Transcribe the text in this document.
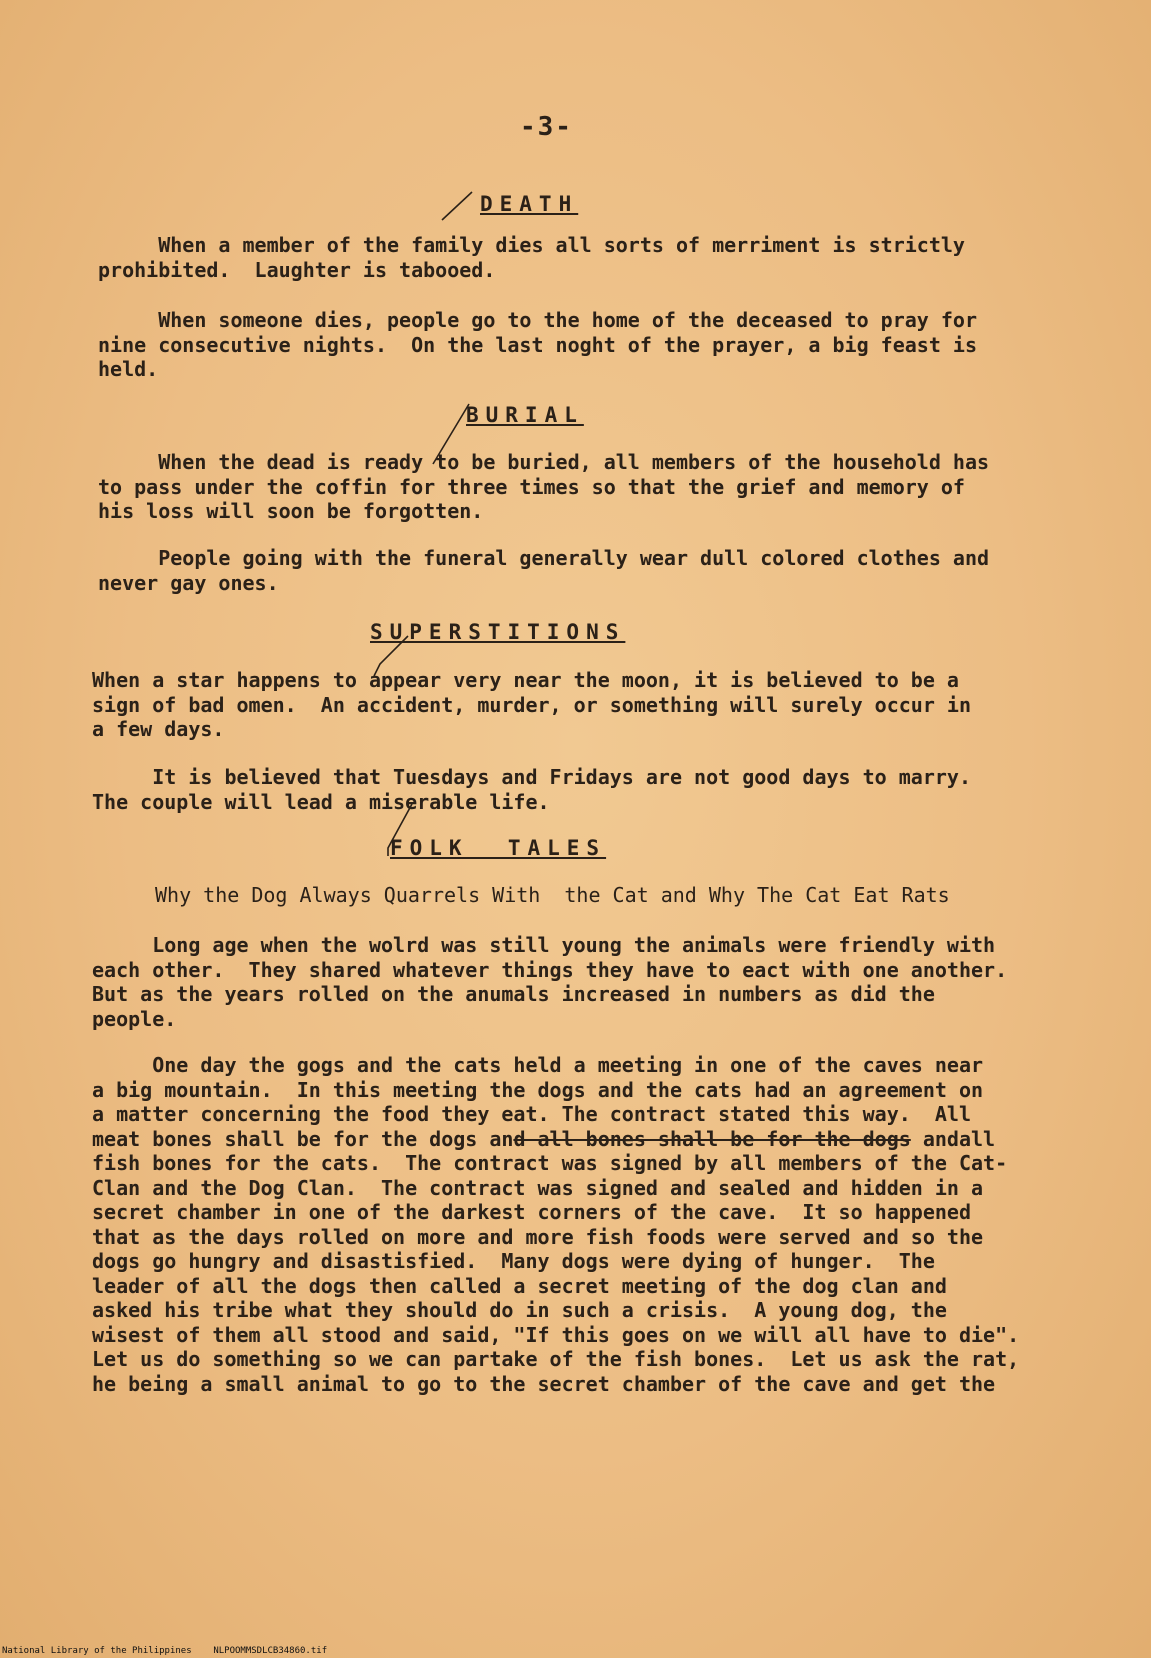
-3-
DEATH
When a member of the family dies all sorts of merriment is strictly
prohibited.  Laughter is tabooed.
When someone dies, people go to the home of the deceased to pray for
nine consecutive nights.  On the last noght of the prayer, a big feast is
held.
BURIAL
When the dead is ready to be buried, all members of the household has
to pass under the coffin for three times so that the grief and memory of
his loss will soon be forgotten.
People going with the funeral generally wear dull colored clothes and
never gay ones.
SUPERSTITIONS
When a star happens to appear very near the moon, it is believed to be a
sign of bad omen.  An accident, murder, or something will surely occur in
a few days.
It is believed that Tuesdays and Fridays are not good days to marry.
The couple will lead a miserable life.
FOLK  TALES
Why the Dog Always Quarrels With  the Cat and Why The Cat Eat Rats
Long age when the wolrd was still young the animals were friendly with
each other.  They shared whatever things they have to eact with one another.
But as the years rolled on the anumals increased in numbers as did the
people.
One day the gogs and the cats held a meeting in one of the caves near
a big mountain.  In this meeting the dogs and the cats had an agreement on
a matter concerning the food they eat. The contract stated this way.  All
meat bones shall be for the dogs and all bones shall be for the dogs andall
fish bones for the cats.  The contract was signed by all members of the Cat-
Clan and the Dog Clan.  The contract was signed and sealed and hidden in a
secret chamber in one of the darkest corners of the cave.  It so happened
that as the days rolled on more and more fish foods were served and so the
dogs go hungry and disastisfied.  Many dogs were dying of hunger.  The
leader of all the dogs then called a secret meeting of the dog clan and
asked his tribe what they should do in such a crisis.  A young dog, the
wisest of them all stood and said, "If this goes on we will all have to die".
Let us do something so we can partake of the fish bones.  Let us ask the rat,
he being a small animal to go to the secret chamber of the cave and get the
National Library of the Philippines    NLPOOMMSDLCB34860.tif
